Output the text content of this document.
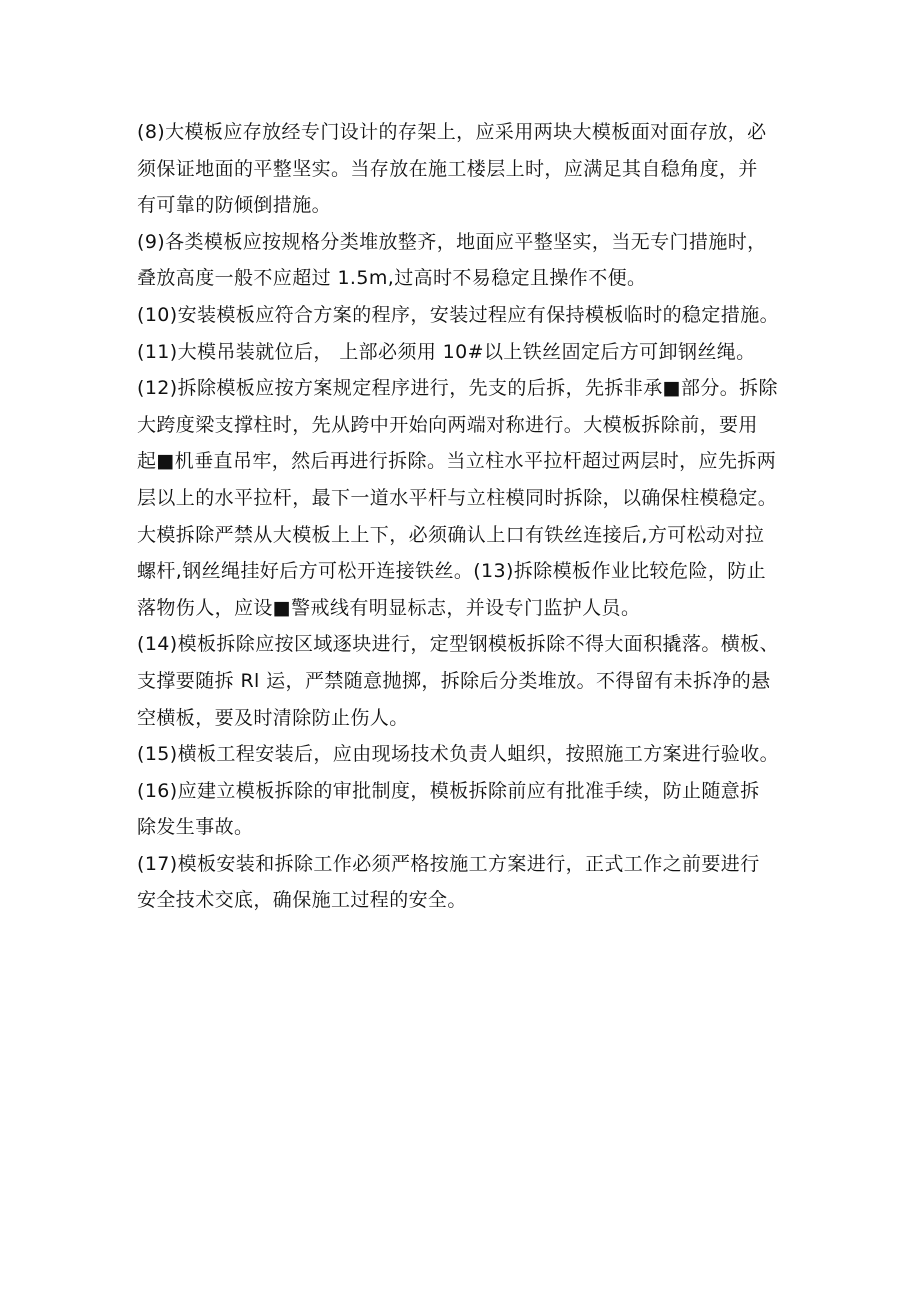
(8)大模板应存放经专门设计的存架上，应采用两块大模板面对面存放，必
须保证地面的平整坚实。当存放在施工楼层上时，应满足其自稳角度，并
有可靠的防倾倒措施。
(9)各类模板应按规格分类堆放整齐，地面应平整坚实，当无专门措施时，
叠放高度一般不应超过 1.5m,过高时不易稳定且操作不便。
(10)安装模板应符合方案的程序，安装过程应有保持模板临时的稳定措施。
(11)大模吊装就位后， 上部必须用 10#以上铁丝固定后方可卸钢丝绳。
(12)拆除模板应按方案规定程序进行，先支的后拆，先拆非承■部分。拆除
大跨度梁支撑柱时，先从跨中开始向两端对称进行。大模板拆除前，要用
起■机垂直吊牢，然后再进行拆除。当立柱水平拉杆超过两层时，应先拆两
层以上的水平拉杆，最下一道水平杆与立柱模同时拆除，以确保柱模稳定。
大模拆除严禁从大模板上上下，必须确认上口有铁丝连接后,方可松动对拉
螺杆,钢丝绳挂好后方可松开连接铁丝。(13)拆除模板作业比较危险，防止
落物伤人，应设■警戒线有明显标志，并设专门监护人员。
(14)模板拆除应按区域逐块进行，定型钢模板拆除不得大面积撬落。横板、
支撑要随拆 Rl 运，严禁随意抛掷，拆除后分类堆放。不得留有未拆净的悬
空横板，要及时清除防止伤人。
(15)横板工程安装后，应由现场技术负责人蛆织，按照施工方案进行验收。
(16)应建立模板拆除的审批制度，模板拆除前应有批准手续，防止随意拆
除发生事故。
(17)模板安装和拆除工作必须严格按施工方案进行，正式工作之前要进行
安全技术交底，确保施工过程的安全。
